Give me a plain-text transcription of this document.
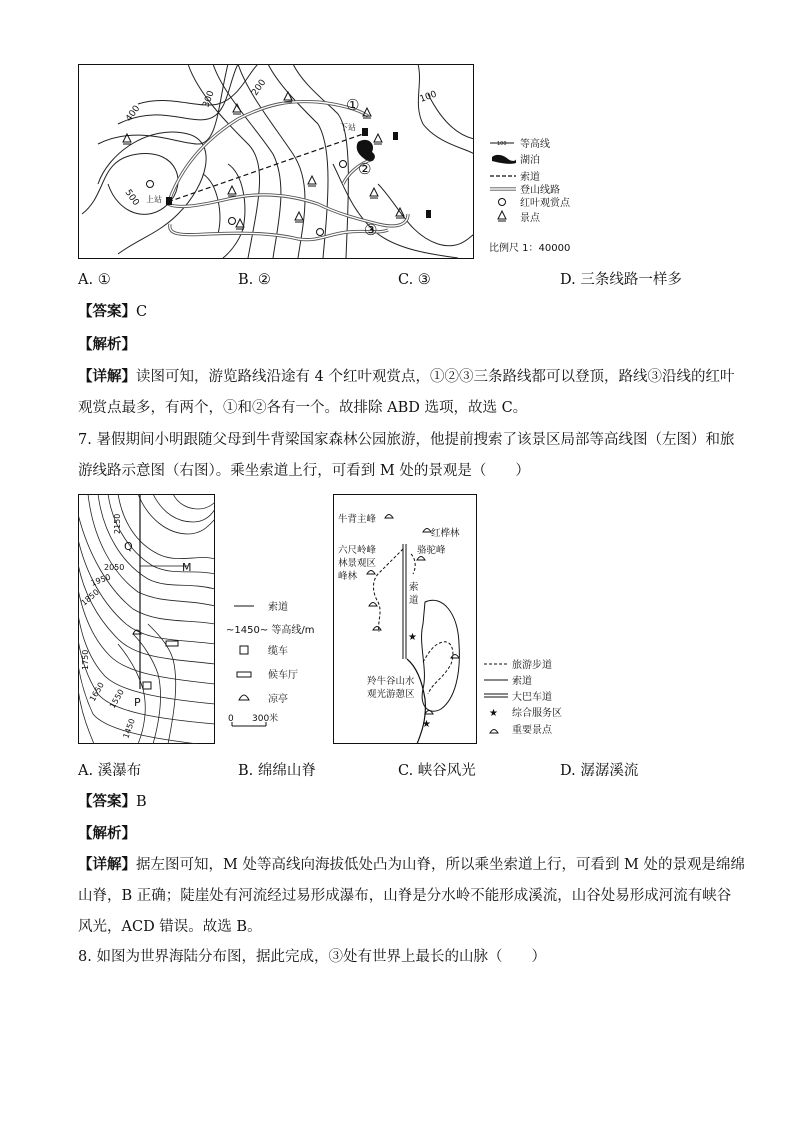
400
300
200	100
500
①
②
③
上站
下站
100 等高线
湖泊
索道
登山线路
红叶观赏点
景点
比例尺 1：40000
A. ①	B. ②	C. ③	D. 三条线路一样多
【答案】C
【解析】
【详解】读图可知，游览路线沿途有 4 个红叶观赏点，①②③三条路线都可以登顶，路线③沿线的红叶
观赏点最多，有两个，①和②各有一个。故排除 ABD 选项，故选 C。
7. 暑假期间小明跟随父母到牛背梁国家森林公园旅游，他提前搜索了该景区局部等高线图（左图）和旅
游线路示意图（右图）。乘坐索道上行，可看到 M 处的景观是（　　）
2150
2050
1950
1850
1750
1650 1550
1450
Q
M
P
索道
~1450~ 等高线/m
缆车
候车厅
凉亭
0 300米
★
★
牛背主峰
红桦林
六尺岭峰
林景观区
骆驼峰
峰林
索
道
羚牛谷山水
观光游憩区
★
旅游步道
索道
大巴车道
综合服务区
重要景点
A. 溪瀑布	B. 绵绵山脊	C. 峡谷风光	D. 潺潺溪流
【答案】B
【解析】
【详解】据左图可知，M 处等高线向海拔低处凸为山脊，所以乘坐索道上行，可看到 M 处的景观是绵绵
山脊，B 正确；陡崖处有河流经过易形成瀑布，山脊是分水岭不能形成溪流，山谷处易形成河流有峡谷
风光，ACD 错误。故选 B。
8. 如图为世界海陆分布图，据此完成，③处有世界上最长的山脉（　　）
